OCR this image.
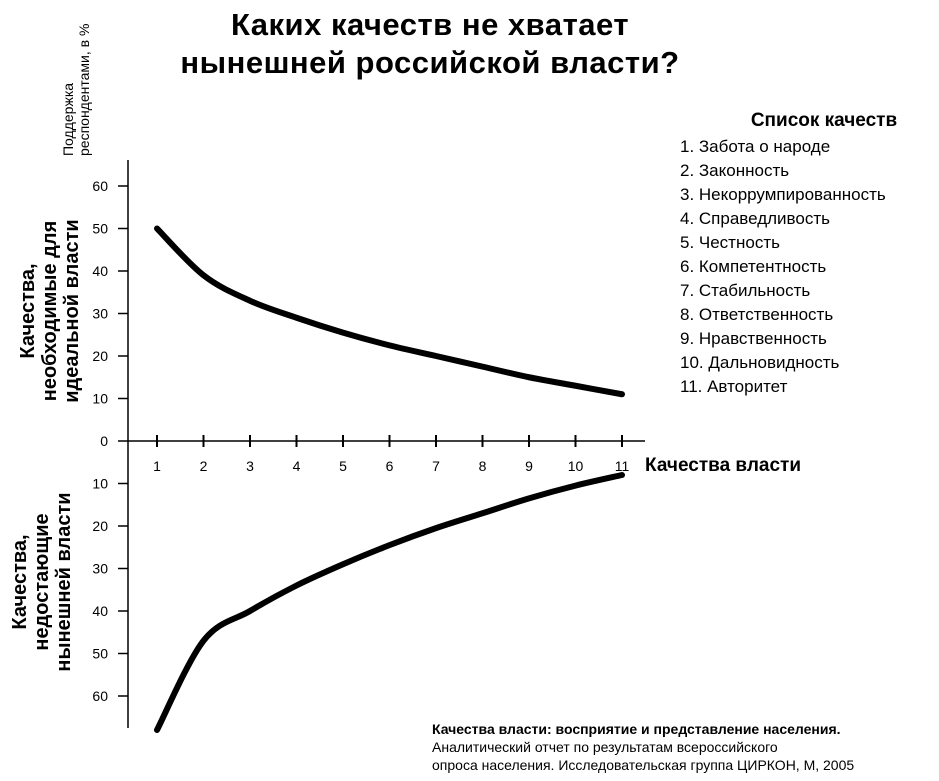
Каких качеств не хватает
нынешней российской власти?
Поддержка респондентами, в %
Качества, необходимые для идеальной власти
Качества, недостающие нынешней власти
Список качеств
1. Забота о народе
2. Законность
3. Некоррумпированность
4. Справедливость
5. Честность
6. Компетентность
7. Стабильность
8. Ответственность
9. Нравственность
10. Дальновидность
11. Авторитет
Качества власти: восприятие и представление населения.
Аналитический отчет по результатам всероссийского
опроса населения. Исследовательская группа ЦИРКОН, М, 2005
60
50
40
30
20
10
0
10
20
30
40
50
60
1	2	3	4	5	6	7	8	9 10 11 Качества власти
